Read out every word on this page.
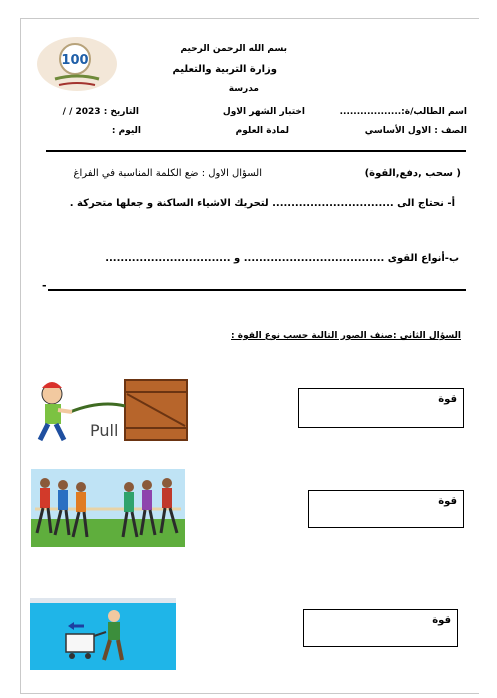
100
بسم الله الرحمن الرحيم
وزارة التربية والتعليم
مدرسة
اسم الطالب/ة:..................
اختبار الشهر الاول
التاريخ : 2023 / /
الصف : الاول الأساسي
لمادة العلوم
اليوم :
السؤال الاول : ضع الكلمة المناسبة في الفراغ	( سحب ,دفع,القوة)
أ- نحتاج الى ................................ لتحريك الاشياء الساكنة و جعلها متحركة .
ب-أنواع القوى ..................................... و .................................
-
السؤال الثاني :صنف الصور التالية حسب نوع القوة :
Pull
قوة
قوة
قوة
